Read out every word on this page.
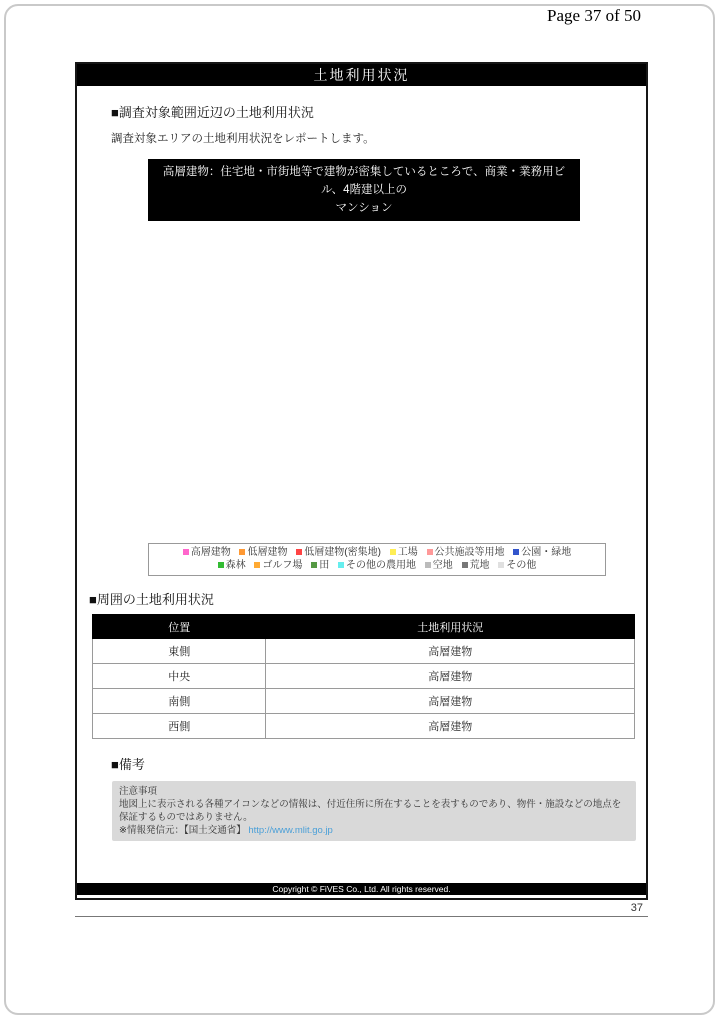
Page 37 of 50
土地利用状況
■調査対象範囲近辺の土地利用状況
調査対象エリアの土地利用状況をレポートします。
高層建物：住宅地・市街地等で建物が密集しているところで、商業・業務用ビル、4階建以上の
マンション
高層建物 低層建物 低層建物(密集地) 工場 公共施設等用地 公園・緑地
森林 ゴルフ場 田 その他の農用地 空地 荒地 その他
■周囲の土地利用状況
位置	土地利用状況
東側	高層建物
中央	高層建物
南側	高層建物
西側	高層建物
■備考
注意事項
地図上に表示される各種アイコンなどの情報は、付近住所に所在することを表すものであり、物件・施設などの地点を保証するものではありません。
※情報発信元：【国土交通省】 http://www.mlit.go.jp
Copyright © FiVES Co., Ltd. All rights reserved.
37
